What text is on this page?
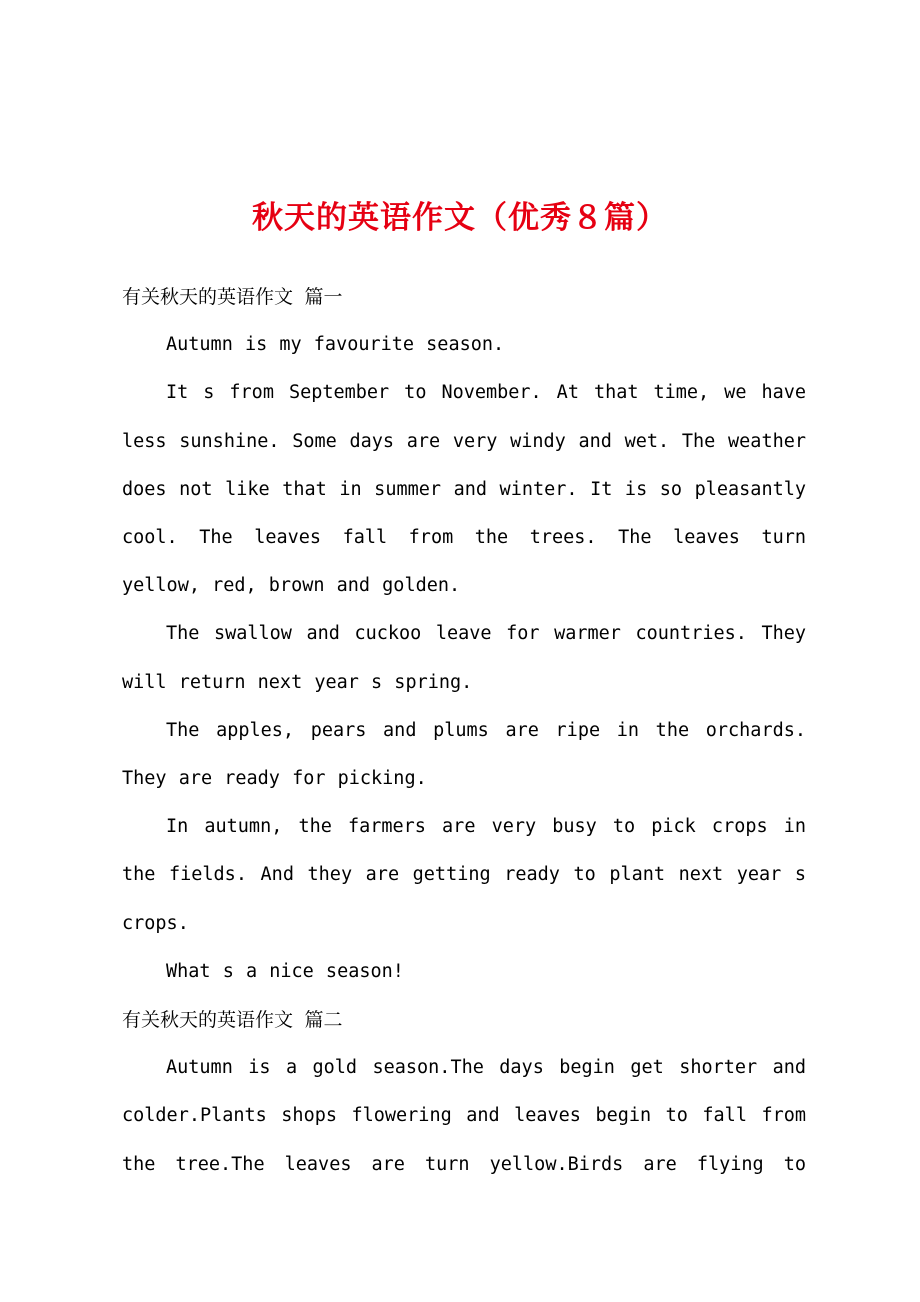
秋天的英语作文（优秀８篇）

有关秋天的英语作文 篇一

Autumn is my favourite season.

It s from September to November. At that time, we have less sunshine. Some days are very windy and wet. The weather does not like that in summer and winter. It is so pleasantly cool. The leaves fall from the trees. The leaves turn yellow, red, brown and golden.

The swallow and cuckoo leave for warmer countries. They will return next year s spring.

The apples, pears and plums are ripe in the orchards. They are ready for picking.

In autumn, the farmers are very busy to pick crops in the fields. And they are getting ready to plant next year s crops.

What s a nice season!

有关秋天的英语作文 篇二

Autumn is a gold season.The days begin get shorter and colder.Plants shops flowering and leaves begin to fall from the tree.The leaves are turn yellow.Birds are flying to
